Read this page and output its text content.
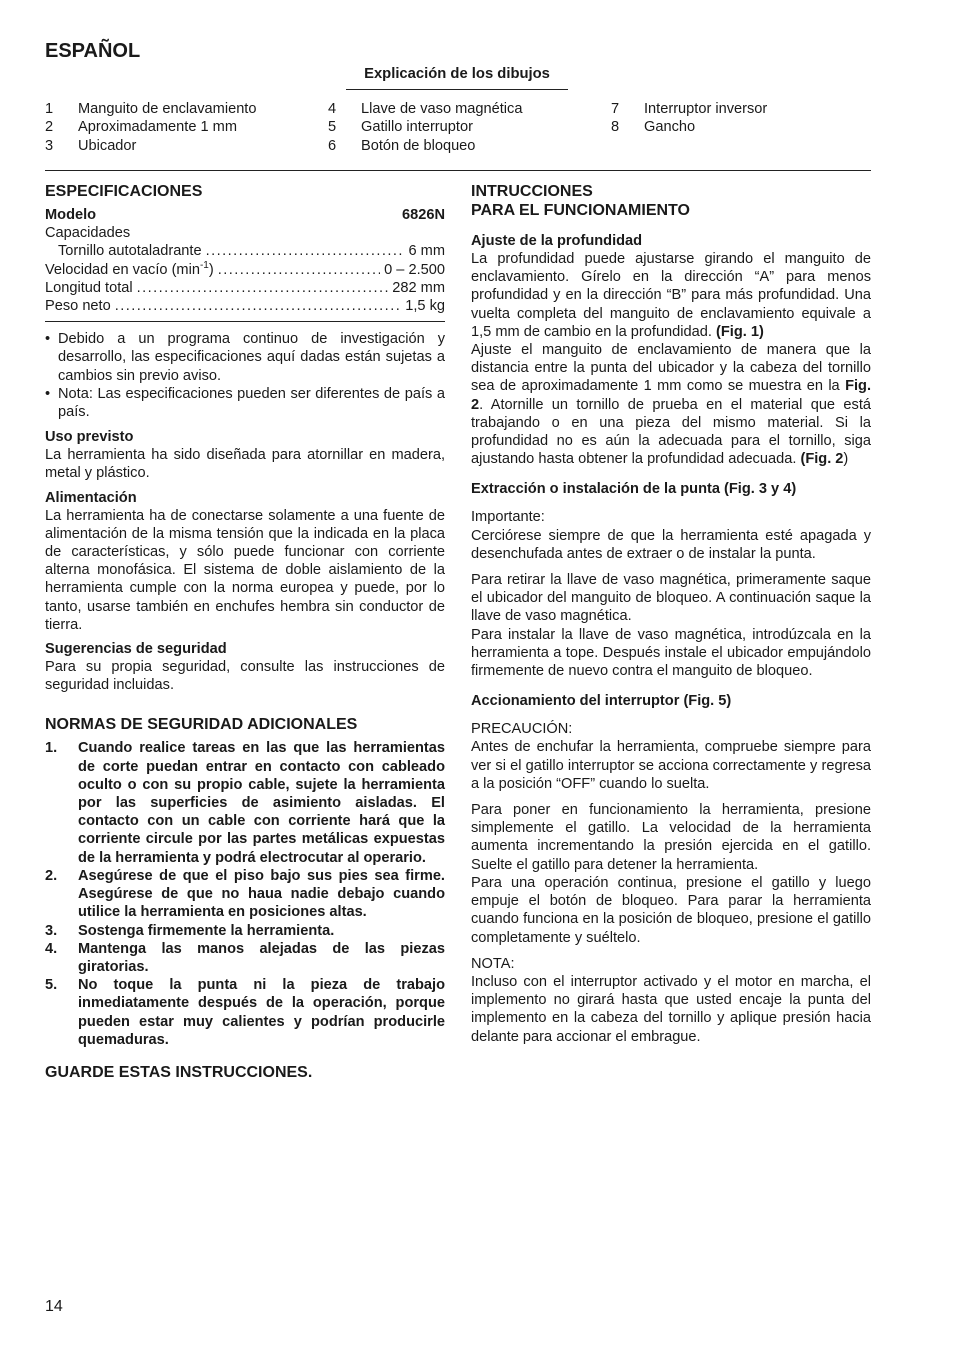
ESPAÑOL
Explicación de los dibujos
1	Manguito de enclavamiento
2	Aproximadamente 1 mm
3	Ubicador
4	Llave de vaso magnética
5	Gatillo interruptor
6	Botón de bloqueo
7	Interruptor inversor
8	Gancho
ESPECIFICACIONES
Modelo	6826N
Capacidades
Tornillo autotaladrante . . .	6 mm
Velocidad en vacío $(\min^{-1})$ . . .	0 – 2.500
Longitud total . . .	282 mm
Peso neto . . .	1,5 kg
• Debido a un programa continuo de investigación y desarrollo, las especificaciones aquí dadas están sujetas a cambios sin previo aviso.
• Nota: Las especificaciones pueden ser diferentes de país a país.
Uso previsto
La herramienta ha sido diseñada para atornillar en madera, metal y plástico.
Alimentación
La herramienta ha de conectarse solamente a una fuente de alimentación de la misma tensión que la indicada en la placa de características, y sólo puede funcionar con corriente alterna monofásica. El sistema de doble aislamiento de la herramienta cumple con la norma europea y puede, por lo tanto, usarse también en enchufes hembra sin conductor de tierra.
Sugerencias de seguridad
Para su propia seguridad, consulte las instrucciones de seguridad incluidas.
NORMAS DE SEGURIDAD ADICIONALES
1.	Cuando realice tareas en las que las herramientas de corte puedan entrar en contacto con cableado oculto o con su propio cable, sujete la herramienta por las superficies de asimiento aisladas. El contacto con un cable con corriente hará que la corriente circule por las partes metálicas expuestas de la herramienta y podrá electrocutar al operario.
2.	Asegúrese de que el piso bajo sus pies sea firme. Asegúrese de que no haua nadie debajo cuando utilice la herramienta en posiciones altas.
3.	Sostenga firmemente la herramienta.
4.	Mantenga las manos alejadas de las piezas giratorias.
5.	No toque la punta ni la pieza de trabajo inmediatamente después de la operación, porque pueden estar muy calientes y podrían producirle quemaduras.
GUARDE ESTAS INSTRUCCIONES.
INTRUCCIONES
PARA EL FUNCIONAMIENTO
Ajuste de la profundidad
La profundidad puede ajustarse girando el manguito de enclavamiento. Gírelo en la dirección “A” para menos profundidad y en la dirección “B” para más profundidad. Una vuelta completa del manguito de enclavamiento equivale a 1,5 mm de cambio en la profundidad. (Fig. 1)
Ajuste el manguito de enclavamiento de manera que la distancia entre la punta del ubicador y la cabeza del tornillo sea de aproximadamente 1 mm como se muestra en la Fig. 2. Atornille un tornillo de prueba en el material que está trabajando o en una pieza del mismo material. Si la profundidad no es aún la adecuada para el tornillo, siga ajustando hasta obtener la profundidad adecuada. (Fig. 2)
Extracción o instalación de la punta (Fig. 3 y 4)
Importante:
Cerciórese siempre de que la herramienta esté apagada y desenchufada antes de extraer o de instalar la punta.
Para retirar la llave de vaso magnética, primeramente saque el ubicador del manguito de bloqueo. A continuación saque la llave de vaso magnética.
Para instalar la llave de vaso magnética, introdúzcala en la herramienta a tope. Después instale el ubicador empujándolo firmemente de nuevo contra el manguito de bloqueo.
Accionamiento del interruptor (Fig. 5)
PRECAUCIÓN:
Antes de enchufar la herramienta, compruebe siempre para ver si el gatillo interruptor se acciona correctamente y regresa a la posición “OFF” cuando lo suelta.
Para poner en funcionamiento la herramienta, presione simplemente el gatillo. La velocidad de la herramienta aumenta incrementando la presión ejercida en el gatillo. Suelte el gatillo para detener la herramienta.
Para una operación continua, presione el gatillo y luego empuje el botón de bloqueo. Para parar la herramienta cuando funciona en la posición de bloqueo, presione el gatillo completamente y suéltelo.
NOTA:
Incluso con el interruptor activado y el motor en marcha, el implemento no girará hasta que usted encaje la punta del implemento en la cabeza del tornillo y aplique presión hacia delante para accionar el embrague.
14
